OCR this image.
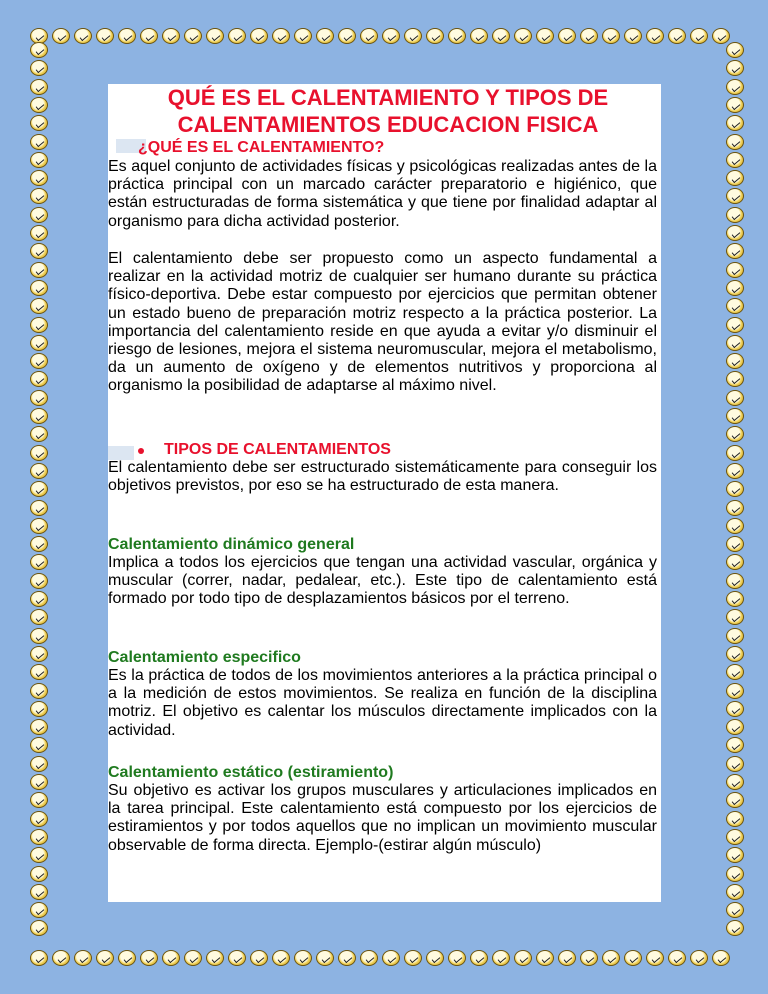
QUÉ ES EL CALENTAMIENTO Y TIPOS DE CALENTAMIENTOS EDUCACION FISICA
¿QUÉ ES EL CALENTAMIENTO?

Es aquel conjunto de actividades físicas y psicológicas realizadas antes de la práctica principal con un marcado carácter preparatorio e higiénico, que están estructuradas de forma sistemática y que tiene por finalidad adaptar al organismo para dicha actividad posterior.

El calentamiento debe ser propuesto como un aspecto fundamental a realizar en la actividad motriz de cualquier ser humano durante su práctica físico-deportiva. Debe estar compuesto por ejercicios que permitan obtener un estado bueno de preparación motriz respecto a la práctica posterior. La importancia del calentamiento reside en que ayuda a evitar y/o disminuir el riesgo de lesiones, mejora el sistema neuromuscular, mejora el metabolismo, da un aumento de oxígeno y de elementos nutritivos y proporciona al organismo la posibilidad de adaptarse al máximo nivel.

TIPOS DE CALENTAMIENTOS

El calentamiento debe ser estructurado sistemáticamente para conseguir los objetivos previstos, por eso se ha estructurado de esta manera.

Calentamiento dinámico general

Implica a todos los ejercicios que tengan una actividad vascular, orgánica y muscular (correr, nadar, pedalear, etc.). Este tipo de calentamiento está formado por todo tipo de desplazamientos básicos por el terreno.

Calentamiento especifico

Es la práctica de todos de los movimientos anteriores a la práctica principal o a la medición de estos movimientos. Se realiza en función de la disciplina motriz. El objetivo es calentar los músculos directamente implicados con la actividad.

Calentamiento estático (estiramiento)

Su objetivo es activar los grupos musculares y articulaciones implicados en la tarea principal. Este calentamiento está compuesto por los ejercicios de estiramientos y por todos aquellos que no implican un movimiento muscular observable de forma directa. Ejemplo-(estirar algún músculo)
